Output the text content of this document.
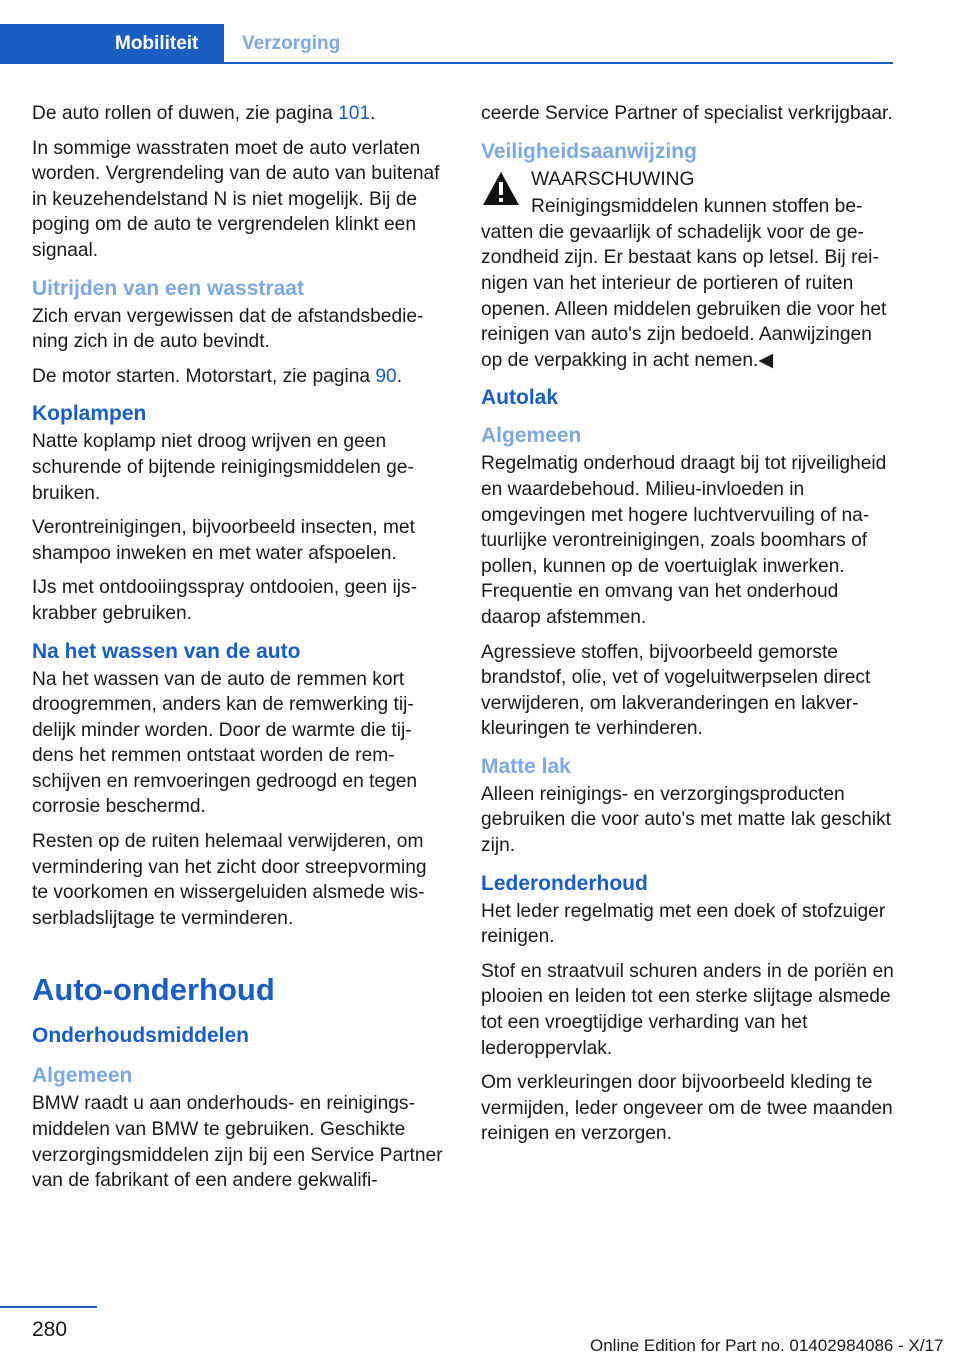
Mobiliteit Verzorging

De auto rollen of duwen, zie pagina 101.

In sommige wasstraten moet de auto verlaten worden. Vergrendeling van de auto van buitenaf in keuzehendelstand N is niet mogelijk. Bij de poging om de auto te vergrendelen klinkt een signaal.

Uitrijden van een wasstraat

Zich ervan vergewissen dat de afstandsbediening zich in de auto bevindt.

De motor starten. Motorstart, zie pagina 90.

Koplampen

Natte koplamp niet droog wrijven en geen schurende of bijtende reinigingsmiddelen gebruiken.

Verontreinigingen, bijvoorbeeld insecten, met shampoo inweken en met water afspoelen.

IJs met ontdooiingsspray ontdooien, geen ijskrabber gebruiken.

Na het wassen van de auto

Na het wassen van de auto de remmen kort droogremmen, anders kan de remwerking tijdelijk minder worden. Door de warmte die tijdens het remmen ontstaat worden de remschijven en remvoeringen gedroogd en tegen corrosie beschermd.

Resten op de ruiten helemaal verwijderen, om vermindering van het zicht door streepvorming te voorkomen en wissergeluiden alsmede wisserbladslijtage te verminderen.

Auto-onderhoud
Onderhoudsmiddelen
Algemeen

BMW raadt u aan onderhouds- en reinigingsmiddelen van BMW te gebruiken. Geschikte verzorgingsmiddelen zijn bij een Service Partner van de fabrikant of een andere gekwalifi-

ceerde Service Partner of specialist verkrijgbaar.

Veiligheidsaanwijzing
WAARSCHUWING

Reinigingsmiddelen kunnen stoffen bevatten die gevaarlijk of schadelijk voor de gezondheid zijn. Er bestaat kans op letsel. Bij reinigen van het interieur de portieren of ruiten openen. Alleen middelen gebruiken die voor het reinigen van auto's zijn bedoeld. Aanwijzingen op de verpakking in acht nemen.◀

Autolak
Algemeen

Regelmatig onderhoud draagt bij tot rijveiligheid en waardebehoud. Milieu-invloeden in omgevingen met hogere luchtvervuiling of natuurlijke verontreinigingen, zoals boomhars of pollen, kunnen op de voertuiglak inwerken. Frequentie en omvang van het onderhoud daarop afstemmen.

Agressieve stoffen, bijvoorbeeld gemorste brandstof, olie, vet of vogeluitwerpselen direct verwijderen, om lakveranderingen en lakverkleuringen te verhinderen.

Matte lak

Alleen reinigings- en verzorgingsproducten gebruiken die voor auto's met matte lak geschikt zijn.

Lederonderhoud

Het leder regelmatig met een doek of stofzuiger reinigen.

Stof en straatvuil schuren anders in de poriën en plooien en leiden tot een sterke slijtage alsmede tot een vroegtijdige verharding van het lederoppervlak.

Om verkleuringen door bijvoorbeeld kleding te vermijden, leder ongeveer om de twee maanden reinigen en verzorgen.

280
Online Edition for Part no. 01402984086 - X/17
